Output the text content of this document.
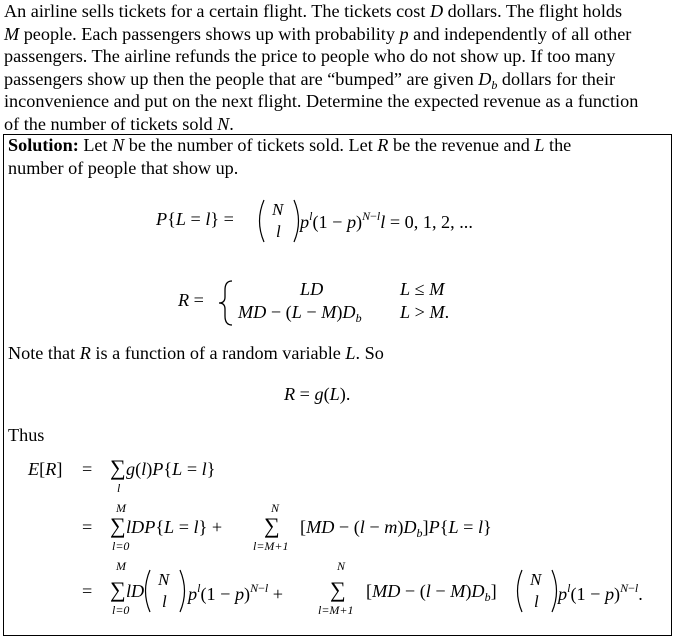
An airline sells tickets for a certain flight. The tickets cost D dollars. The flight holds
M people. Each passengers shows up with probability p and independently of all other
passengers. The airline refunds the price to people who do not show up. If too many
passengers show up then the people that are “bumped” are given $D_b$ dollars for their
inconvenience and put on the next flight. Determine the expected revenue as a function
of the number of tickets sold N.
Solution: Let N be the number of tickets sold. Let R be the revenue and L the
number of people that show up.
P{L = l} = N
l $p^l(1 - p)^{N-l}l = 0$, 1, 2, ...
R =
LD	L ≤ M
MD − $(L - M)D_b$ L > M.
Note that R is a function of a random variable L. So
R = g(L).
Thus
E[R] = ∑
l
g(l)P{L = l}
M
= ∑
l=0
lDP{L = l} +
N
∑
l=M+1
$[MD - (l - m)D_b]P\{L = l\}$
M
= ∑
l=0
lD
N
l $p^l(1 - p)^{N-l}$ +
N
∑
l=M+1
$[MD - (l - M)D_b]$
N
l $p^l(1 - p)^{N-l}$.
